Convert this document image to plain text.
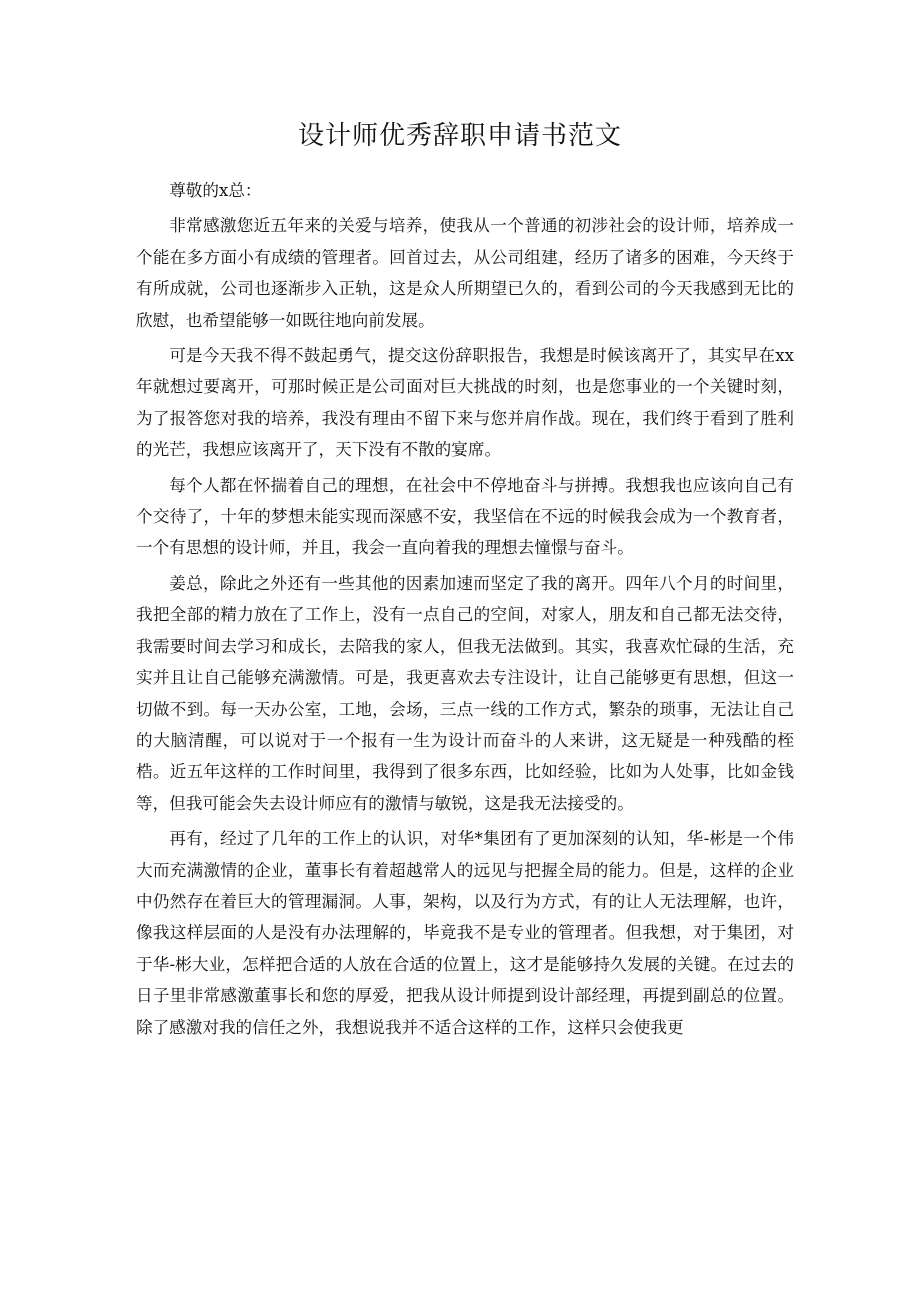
设计师优秀辞职申请书范文

尊敬的x总：

非常感激您近五年来的关爱与培养，使我从一个普通的初涉社会的设计师，培养成一个能在多方面小有成绩的管理者。回首过去，从公司组建，经历了诸多的困难，今天终于有所成就，公司也逐渐步入正轨，这是众人所期望已久的，看到公司的今天我感到无比的欣慰，也希望能够一如既往地向前发展。

可是今天我不得不鼓起勇气，提交这份辞职报告，我想是时候该离开了，其实早在xx年就想过要离开，可那时候正是公司面对巨大挑战的时刻，也是您事业的一个关键时刻，为了报答您对我的培养，我没有理由不留下来与您并肩作战。现在，我们终于看到了胜利的光芒，我想应该离开了，天下没有不散的宴席。

每个人都在怀揣着自己的理想，在社会中不停地奋斗与拼搏。我想我也应该向自己有个交待了，十年的梦想未能实现而深感不安，我坚信在不远的时候我会成为一个教育者，一个有思想的设计师，并且，我会一直向着我的理想去憧憬与奋斗。

姜总，除此之外还有一些其他的因素加速而坚定了我的离开。四年八个月的时间里，我把全部的精力放在了工作上，没有一点自己的空间，对家人，朋友和自己都无法交待，我需要时间去学习和成长，去陪我的家人，但我无法做到。其实，我喜欢忙碌的生活，充实并且让自己能够充满激情。可是，我更喜欢去专注设计，让自己能够更有思想，但这一切做不到。每一天办公室，工地，会场，三点一线的工作方式，繁杂的琐事，无法让自己的大脑清醒，可以说对于一个报有一生为设计而奋斗的人来讲，这无疑是一种残酷的桎梏。近五年这样的工作时间里，我得到了很多东西，比如经验，比如为人处事，比如金钱等，但我可能会失去设计师应有的激情与敏锐，这是我无法接受的。

再有，经过了几年的工作上的认识，对华*集团有了更加深刻的认知，华-彬是一个伟大而充满激情的企业，董事长有着超越常人的远见与把握全局的能力。但是，这样的企业中仍然存在着巨大的管理漏洞。人事，架构，以及行为方式，有的让人无法理解，也许，像我这样层面的人是没有办法理解的，毕竟我不是专业的管理者。但我想，对于集团，对于华-彬大业，怎样把合适的人放在合适的位置上，这才是能够持久发展的关键。在过去的日子里非常感激董事长和您的厚爱，把我从设计师提到设计部经理，再提到副总的位置。除了感激对我的信任之外，我想说我并不适合这样的工作，这样只会使我更
